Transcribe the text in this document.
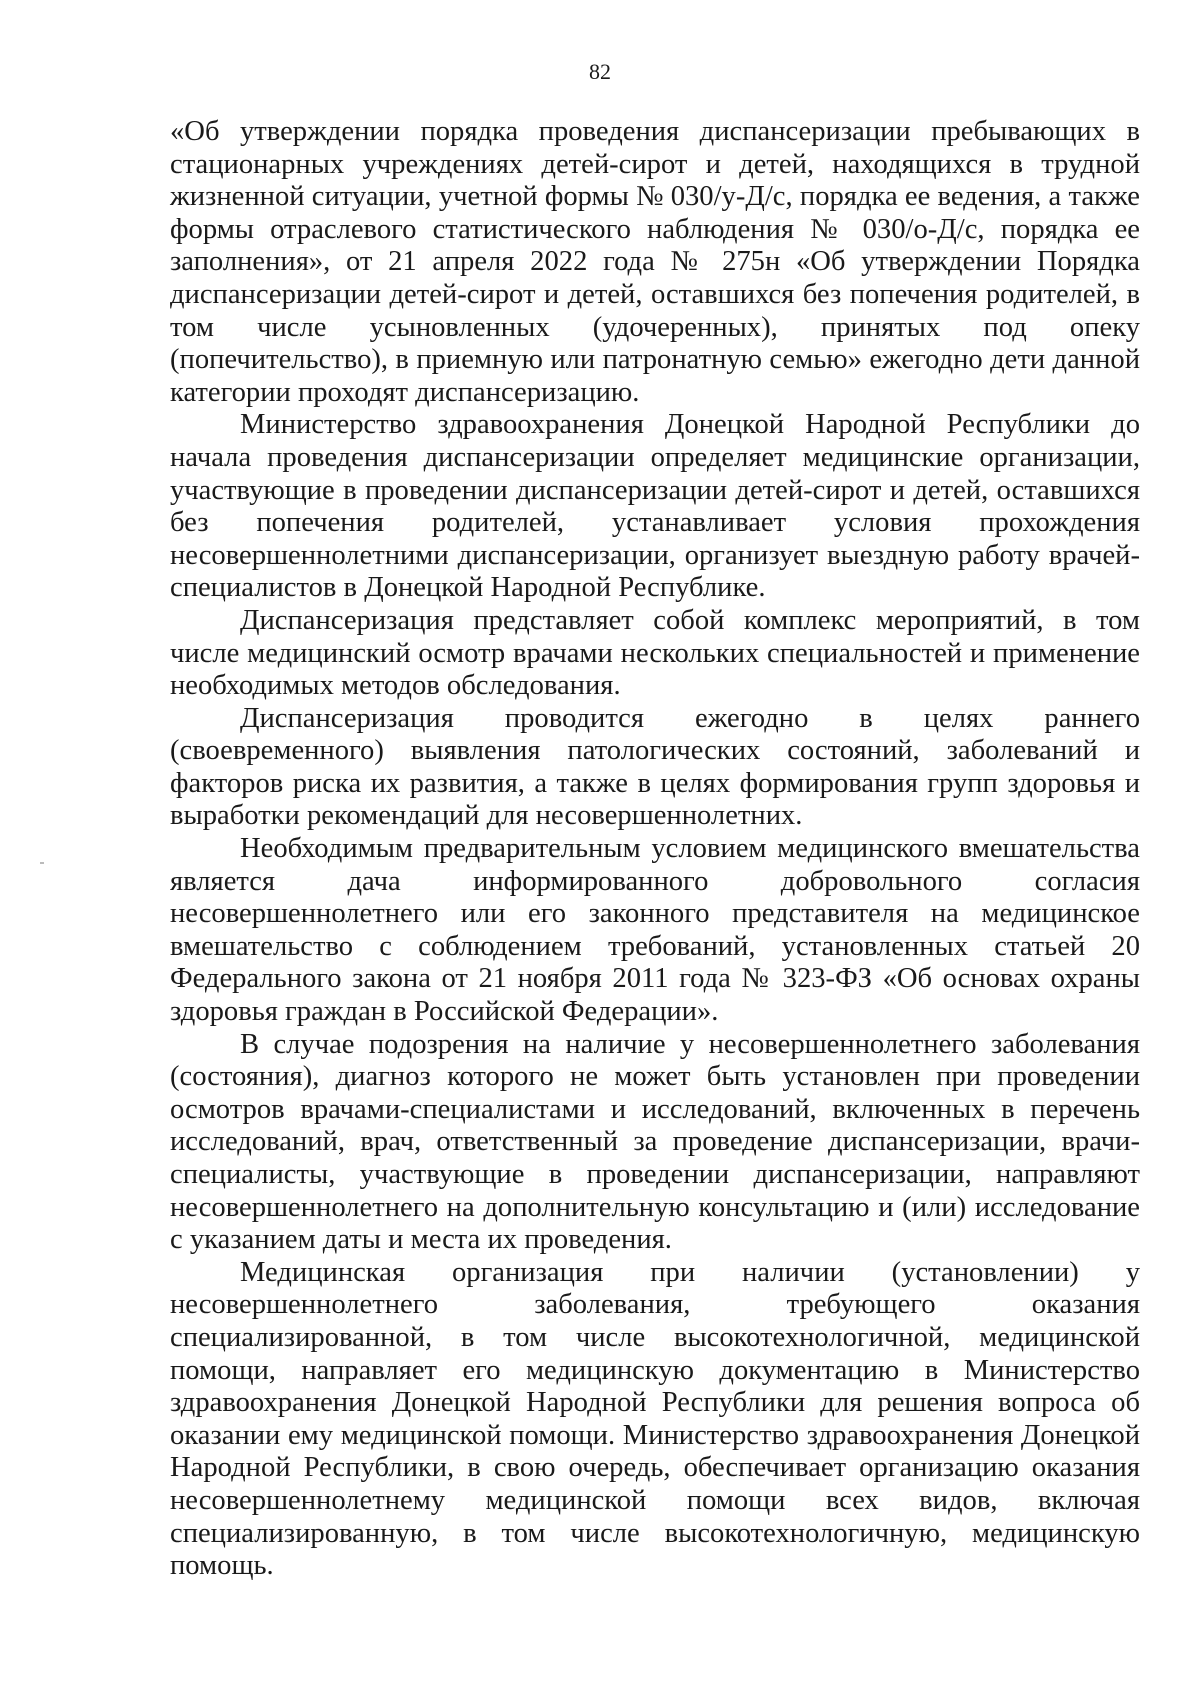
82

«Об утверждении порядка проведения диспансеризации пребывающих в стационарных учреждениях детей-сирот и детей, находящихся в трудной жизненной ситуации, учетной формы № 030/у-Д/с, порядка ее ведения, а также формы отраслевого статистического наблюдения № 030/о-Д/с, порядка ее заполнения», от 21 апреля 2022 года № 275н «Об утверждении Порядка диспансеризации детей-сирот и детей, оставшихся без попечения родителей, в том числе усыновленных (удочеренных), принятых под опеку (попечительство), в приемную или патронатную семью» ежегодно дети данной категории проходят диспансеризацию.

Министерство здравоохранения Донецкой Народной Республики до начала проведения диспансеризации определяет медицинские организации, участвующие в проведении диспансеризации детей-сирот и детей, оставшихся без попечения родителей, устанавливает условия прохождения несовершеннолетними диспансеризации, организует выездную работу врачей-специалистов в Донецкой Народной Республике.

Диспансеризация представляет собой комплекс мероприятий, в том числе медицинский осмотр врачами нескольких специальностей и применение необходимых методов обследования.

Диспансеризация проводится ежегодно в целях раннего (своевременного) выявления патологических состояний, заболеваний и факторов риска их развития, а также в целях формирования групп здоровья и выработки рекомендаций для несовершеннолетних.

Необходимым предварительным условием медицинского вмешательства является дача информированного добровольного согласия несовершеннолетнего или его законного представителя на медицинское вмешательство с соблюдением требований, установленных статьей 20 Федерального закона от 21 ноября 2011 года № 323-ФЗ «Об основах охраны здоровья граждан в Российской Федерации».

В случае подозрения на наличие у несовершеннолетнего заболевания (состояния), диагноз которого не может быть установлен при проведении осмотров врачами-специалистами и исследований, включенных в перечень исследований, врач, ответственный за проведение диспансеризации, врачи-специалисты, участвующие в проведении диспансеризации, направляют несовершеннолетнего на дополнительную консультацию и (или) исследование с указанием даты и места их проведения.

Медицинская организация при наличии (установлении) у несовершеннолетнего заболевания, требующего оказания специализированной, в том числе высокотехнологичной, медицинской помощи, направляет его медицинскую документацию в Министерство здравоохранения Донецкой Народной Республики для решения вопроса об оказании ему медицинской помощи. Министерство здравоохранения Донецкой Народной Республики, в свою очередь, обеспечивает организацию оказания несовершеннолетнему медицинской помощи всех видов, включая специализированную, в том числе высокотехнологичную, медицинскую помощь.
